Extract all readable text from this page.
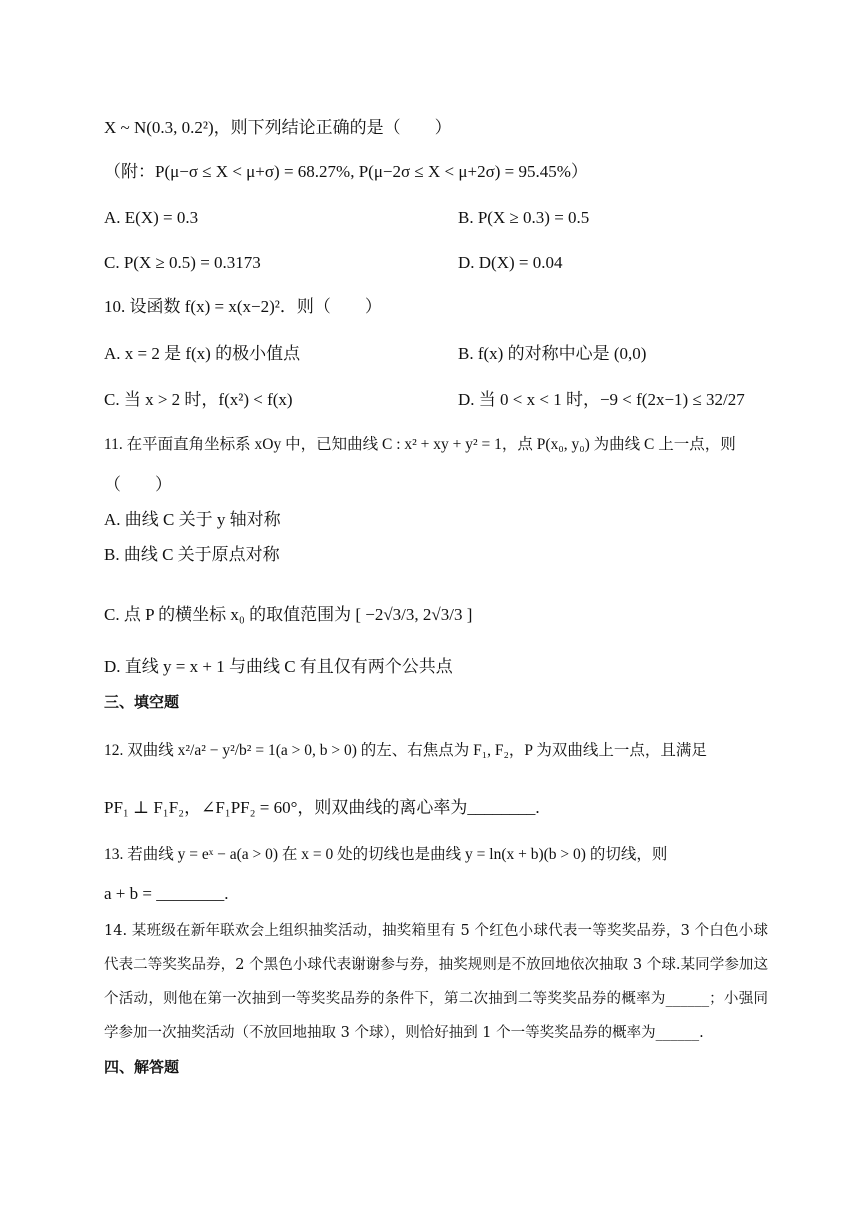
X ~ N(0.3, 0.2²)，则下列结论正确的是（　　）
（附：P(μ−σ ≤ X < μ+σ) = 68.27%, P(μ−2σ ≤ X < μ+2σ) = 95.45%）
A. E(X) = 0.3	B. P(X ≥ 0.3) = 0.5
C. P(X ≥ 0.5) = 0.3173	D. D(X) = 0.04
10. 设函数 f(x) = x(x−2)²．则（　　）
A. x = 2 是 f(x) 的极小值点	B. f(x) 的对称中心是 (0,0)
C. 当 x > 2 时，f(x²) < f(x)	D. 当 0 < x < 1 时，−9 < f(2x−1) ≤ 32/27
11. 在平面直角坐标系 xOy 中，已知曲线 C : x² + xy + y² = 1，点 P(x₀, y₀) 为曲线 C 上一点，则
（　　）
A. 曲线 C 关于 y 轴对称
B. 曲线 C 关于原点对称
C. 点 P 的横坐标 x₀ 的取值范围为 [ −2√3/3, 2√3/3 ]
D. 直线 y = x + 1 与曲线 C 有且仅有两个公共点
三、填空题
12. 双曲线 x²/a² − y²/b² = 1(a > 0, b > 0) 的左、右焦点为 F₁, F₂，P 为双曲线上一点，且满足
PF₁ ⊥ F₁F₂，∠F₁PF₂ = 60°，则双曲线的离心率为________.
13. 若曲线 y = eˣ − a(a > 0) 在 x = 0 处的切线也是曲线 y = ln(x + b)(b > 0) 的切线，则
a + b = ________.
14. 某班级在新年联欢会上组织抽奖活动，抽奖箱里有 5 个红色小球代表一等奖奖品券，3 个白色小球代表二等奖奖品券，2 个黑色小球代表谢谢参与券，抽奖规则是不放回地依次抽取 3 个球.某同学参加这个活动，则他在第一次抽到一等奖奖品券的条件下，第二次抽到二等奖奖品券的概率为______；小强同学参加一次抽奖活动（不放回地抽取 3 个球），则恰好抽到 1 个一等奖奖品券的概率为______.
四、解答题
